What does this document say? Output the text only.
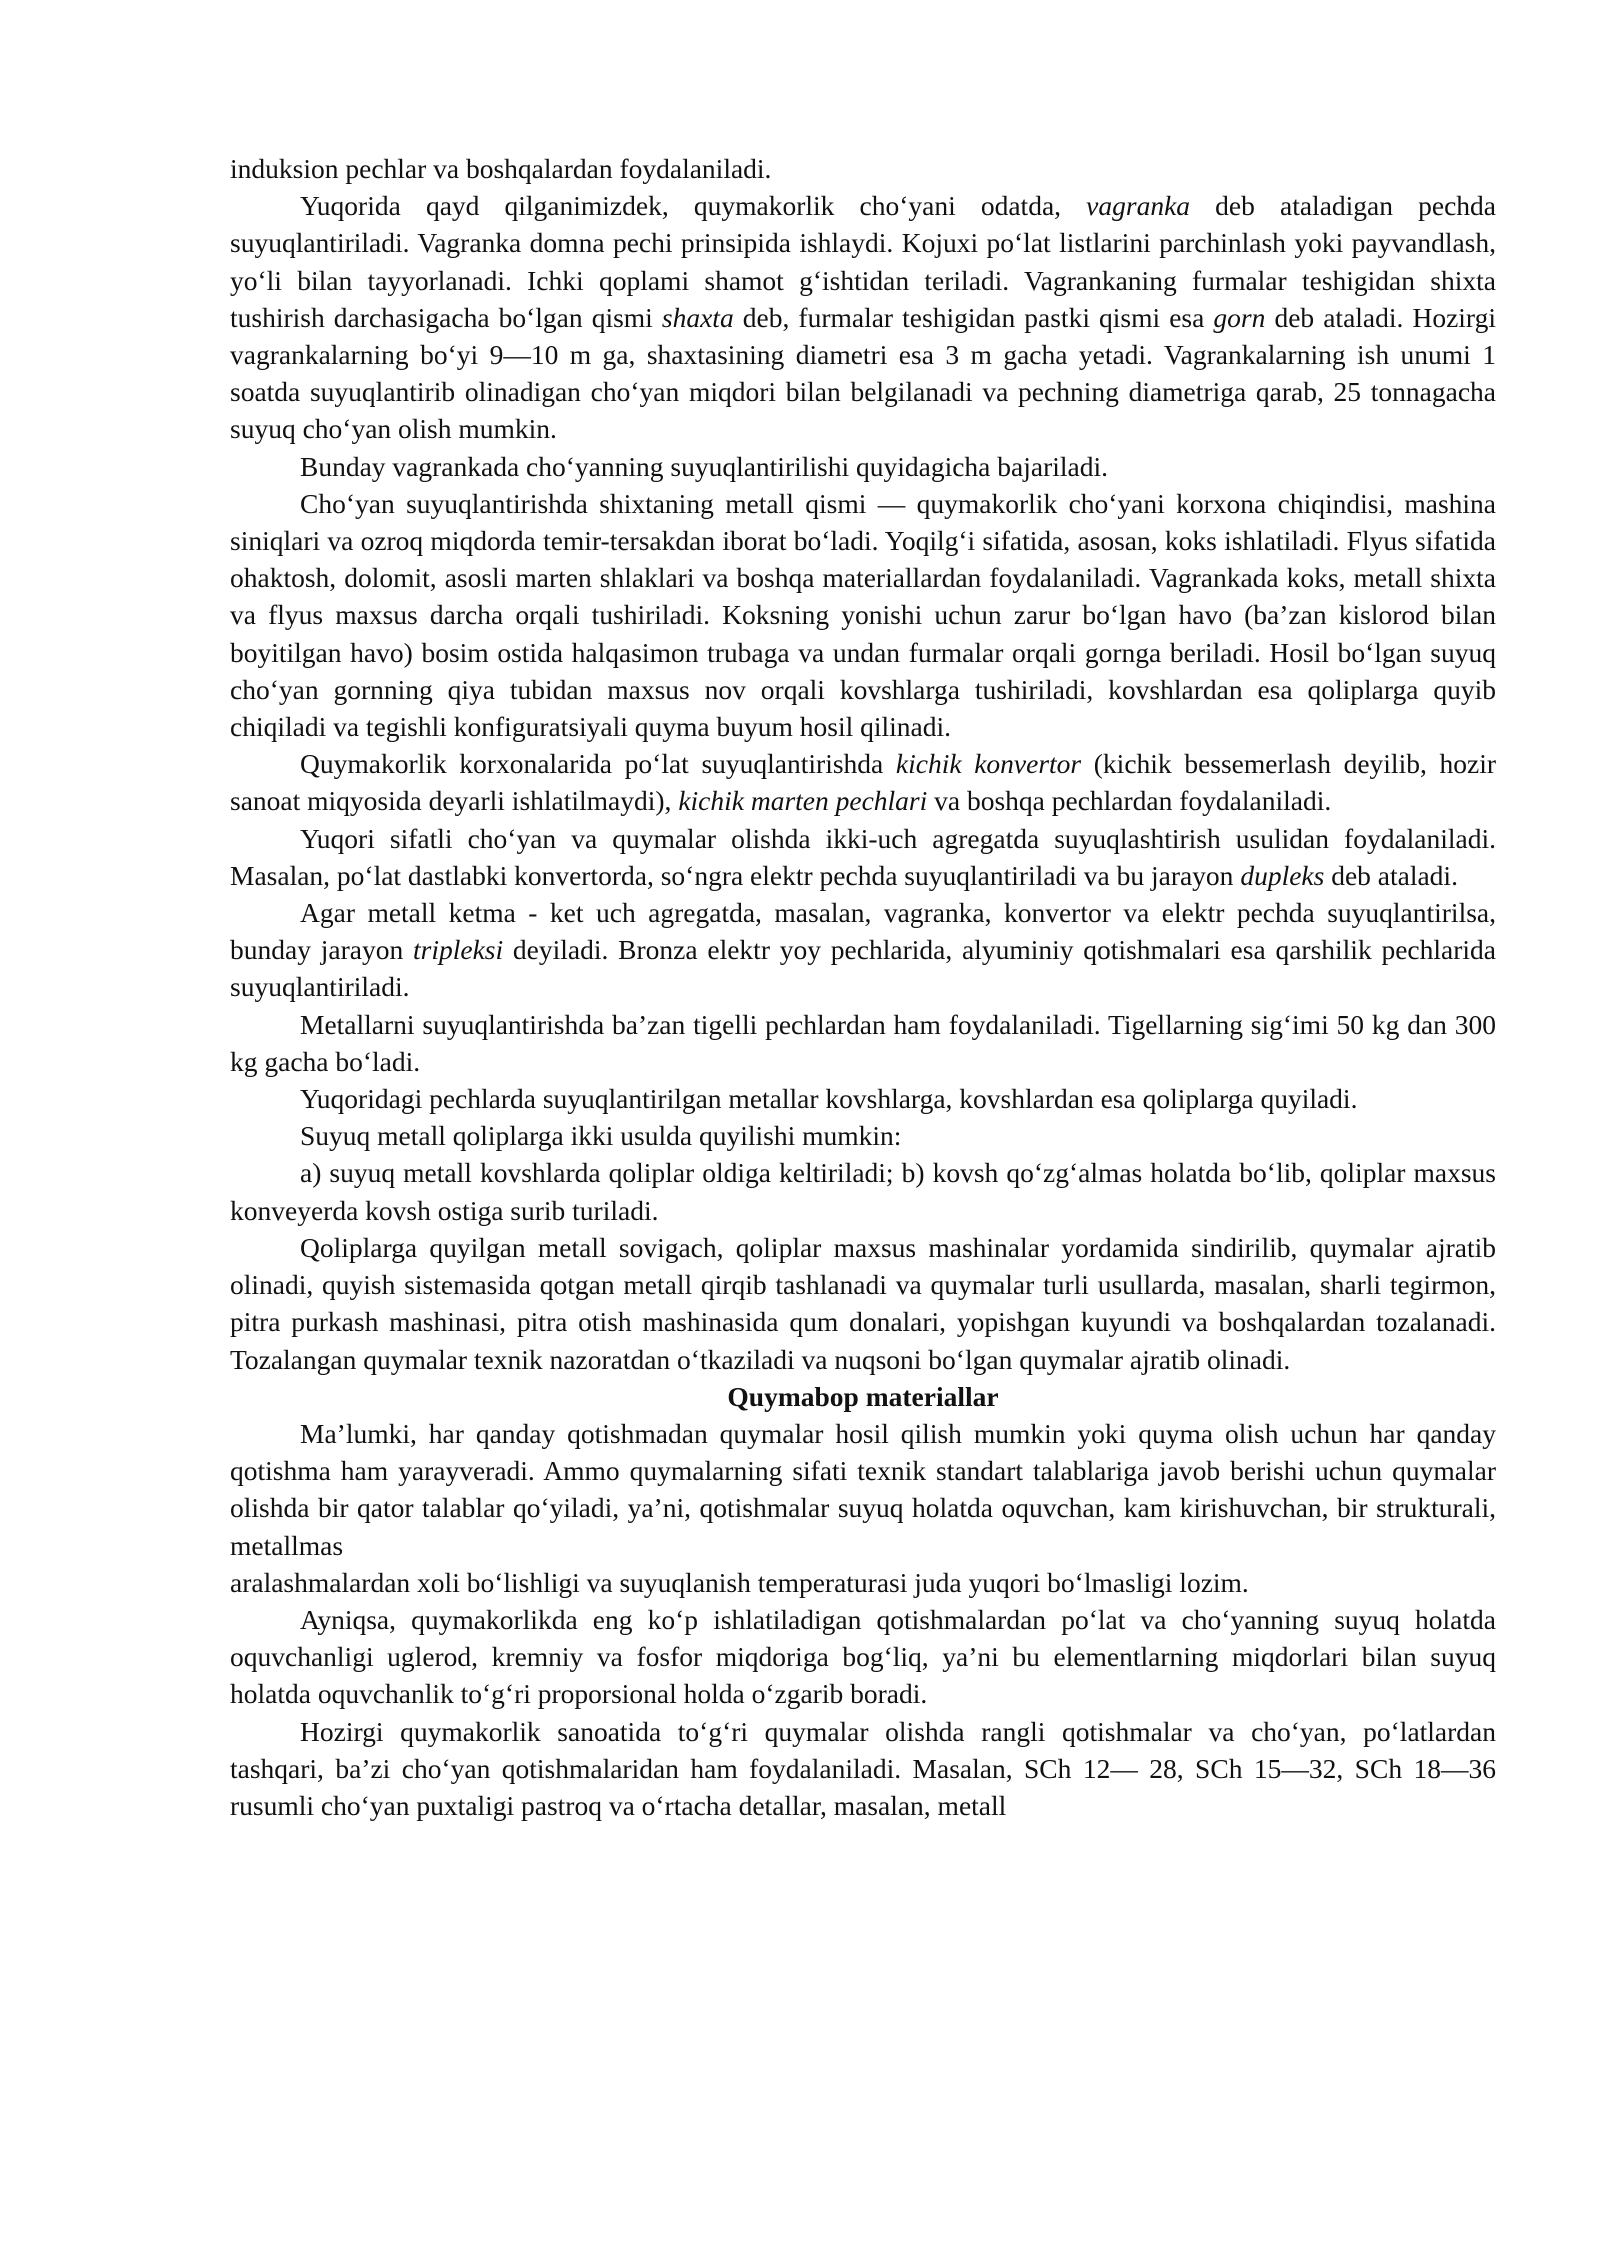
induksion pechlar va boshqalardan foydalaniladi.

Yuqorida qayd qilganimizdek, quymakorlik cho‘yani odatda, vagranka deb ataladigan pechda suyuqlantiriladi. Vagranka domna pechi prinsipida ishlaydi. Kojuxi po‘lat listlarini parchinlash yoki payvandlash, yo‘li bilan tayyorlanadi. Ichki qoplami shamot g‘ishtidan teriladi. Vagrankaning furmalar teshigidan shixta tushirish darchasigacha bo‘lgan qismi shaxta deb, furmalar teshigidan pastki qismi esa gorn deb ataladi. Hozirgi vagrankalarning bo‘yi 9—10 m ga, shaxtasining diametri esa 3 m gacha yetadi. Vagrankalarning ish unumi 1 soatda suyuqlantirib olinadigan cho‘yan miqdori bilan belgilanadi va pechning diametriga qarab, 25 tonnagacha suyuq cho‘yan olish mumkin.

Bunday vagrankada cho‘yanning suyuqlantirilishi quyidagicha bajariladi.

Cho‘yan suyuqlantirishda shixtaning metall qismi — quymakorlik cho‘yani korxona chiqindisi, mashina siniqlari va ozroq miqdorda temir-tersakdan iborat bo‘ladi. Yoqilg‘i sifatida, asosan, koks ishlatiladi. Flyus sifatida ohaktosh, dolomit, asosli marten shlaklari va boshqa materiallardan foydalaniladi. Vagrankada koks, metall shixta va flyus maxsus darcha orqali tushiriladi. Koksning yonishi uchun zarur bo‘lgan havo (ba’zan kislorod bilan boyitilgan havo) bosim ostida halqasimon trubaga va undan furmalar orqali gornga beriladi. Hosil bo‘lgan suyuq cho‘yan gornning qiya tubidan maxsus nov orqali kovshlarga tushiriladi, kovshlardan esa qoliplarga quyib chiqiladi va tegishli konfiguratsiyali quyma buyum hosil qilinadi.

Quymakorlik korxonalarida po‘lat suyuqlantirishda kichik konvertor (kichik bessemerlash deyilib, hozir sanoat miqyosida deyarli ishlatilmaydi), kichik marten pechlari va boshqa pechlardan foydalaniladi.

Yuqori sifatli cho‘yan va quymalar olishda ikki-uch agregatda suyuqlashtirish usulidan foydalaniladi. Masalan, po‘lat dastlabki konvertorda, so‘ngra elektr pechda suyuqlantiriladi va bu jarayon dupleks deb ataladi.

Agar metall ketma - ket uch agregatda, masalan, vagranka, konvertor va elektr pechda suyuqlantirilsa, bunday jarayon tripleksi deyiladi. Bronza elektr yoy pechlarida, alyuminiy qotishmalari esa qarshilik pechlarida suyuqlantiriladi.

Metallarni suyuqlantirishda ba’zan tigelli pechlardan ham foydalaniladi. Tigellarning sig‘imi 50 kg dan 300 kg gacha bo‘ladi.

Yuqoridagi pechlarda suyuqlantirilgan metallar kovshlarga, kovshlardan esa qoliplarga quyiladi.

Suyuq metall qoliplarga ikki usulda quyilishi mumkin:

a) suyuq metall kovshlarda qoliplar oldiga keltiriladi; b) kovsh qo‘zg‘almas holatda bo‘lib, qoliplar maxsus konveyerda kovsh ostiga surib turiladi.

Qoliplarga quyilgan metall sovigach, qoliplar maxsus mashinalar yordamida sindirilib, quymalar ajratib olinadi, quyish sistemasida qotgan metall qirqib tashlanadi va quymalar turli usullarda, masalan, sharli tegirmon, pitra purkash mashinasi, pitra otish mashinasida qum donalari, yopishgan kuyundi va boshqalardan tozalanadi. Tozalangan quymalar texnik nazoratdan o‘tkaziladi va nuqsoni bo‘lgan quymalar ajratib olinadi.

Quymabop materiallar

Ma’lumki, har qanday qotishmadan quymalar hosil qilish mumkin yoki quyma olish uchun har qanday qotishma ham yarayveradi. Ammo quymalarning sifati texnik standart talablariga javob berishi uchun quymalar olishda bir qator talablar qo‘yiladi, ya’ni, qotishmalar suyuq holatda oquvchan, kam kirishuvchan, bir strukturali, metallmas

aralashmalardan xoli bo‘lishligi va suyuqlanish temperaturasi juda yuqori bo‘lmasligi lozim.

Ayniqsa, quymakorlikda eng ko‘p ishlatiladigan qotishmalardan po‘lat va cho‘yanning suyuq holatda oquvchanligi uglerod, kremniy va fosfor miqdoriga bog‘liq, ya’ni bu elementlarning miqdorlari bilan suyuq holatda oquvchanlik to‘g‘ri proporsional holda o‘zgarib boradi.

Hozirgi quymakorlik sanoatida to‘g‘ri quymalar olishda rangli qotishmalar va cho‘yan, po‘latlardan tashqari, ba’zi cho‘yan qotishmalaridan ham foydalaniladi. Masalan, SCh 12— 28, SCh 15—32, SCh 18—36 rusumli cho‘yan puxtaligi pastroq va o‘rtacha detallar, masalan, metall
